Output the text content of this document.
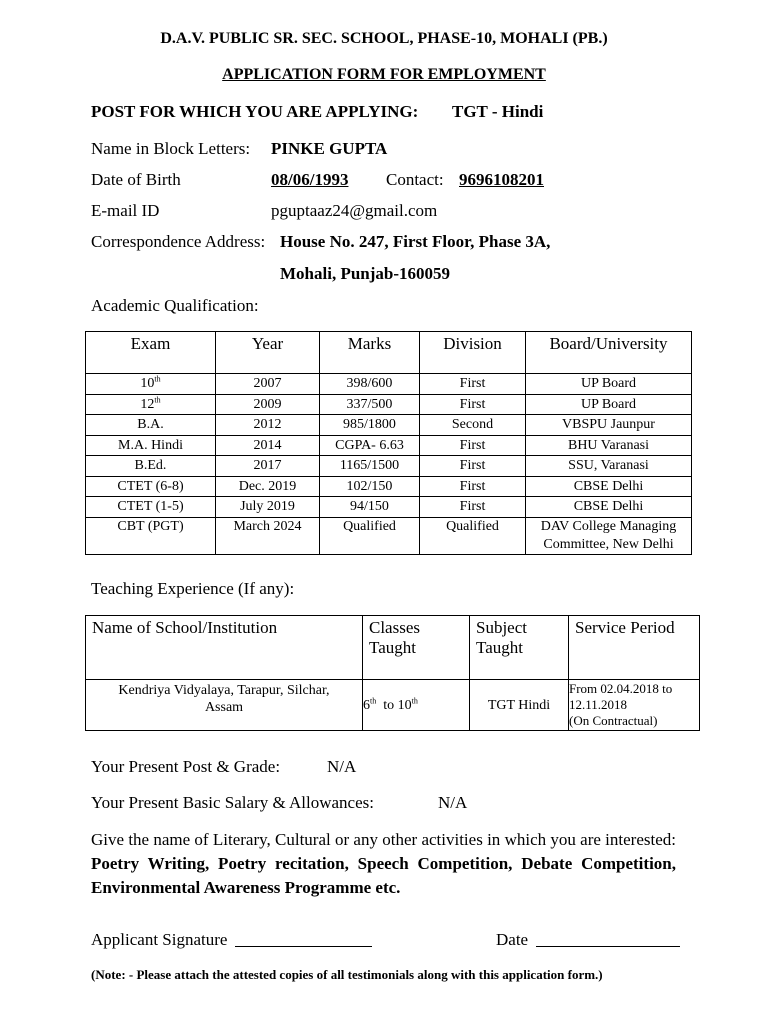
D.A.V. PUBLIC SR. SEC. SCHOOL, PHASE-10, MOHALI (PB.)
APPLICATION FORM FOR EMPLOYMENT
POST FOR WHICH YOU ARE APPLYING: TGT - Hindi
Name in Block Letters: PINKE GUPTA
Date of Birth	08/06/1993 Contact: 9696108201
E-mail ID	pguptaaz24@gmail.com
Correspondence Address: House No. 247, First Floor, Phase 3A,
Mohali, Punjab-160059
Academic Qualification:
Exam	Year	Marks	Division	Board/University
10th	2007	398/600	First	UP Board
12th	2009	337/500	First	UP Board
B.A.	2012	985/1800	Second	VBSPU Jaunpur
M.A. Hindi	2014	CGPA- 6.63	First	BHU Varanasi
B.Ed.	2017	1165/1500	First	SSU, Varanasi
CTET (6-8)	Dec. 2019	102/150	First	CBSE Delhi
CTET (1-5)	July 2019	94/150	First	CBSE Delhi
CBT (PGT)	March 2024	Qualified	Qualified	DAV College Managing Committee, New Delhi
Teaching Experience (If any):
Name of School/Institution	Classes Taught	Subject Taught	Service Period
Kendriya Vidyalaya, Tarapur, Silchar, Assam	6th  to 10th	TGT Hindi	From 02.04.2018 to
12.11.2018
(On Contractual)
Your Present Post & Grade:	N/A
Your Present Basic Salary & Allowances:	N/A
Give the name of Literary, Cultural or any other activities in which you are interested: Poetry Writing, Poetry recitation, Speech Competition, Debate Competition, Environmental Awareness Programme etc.
Applicant Signature	Date
(Note: - Please attach the attested copies of all testimonials along with this application form.)
